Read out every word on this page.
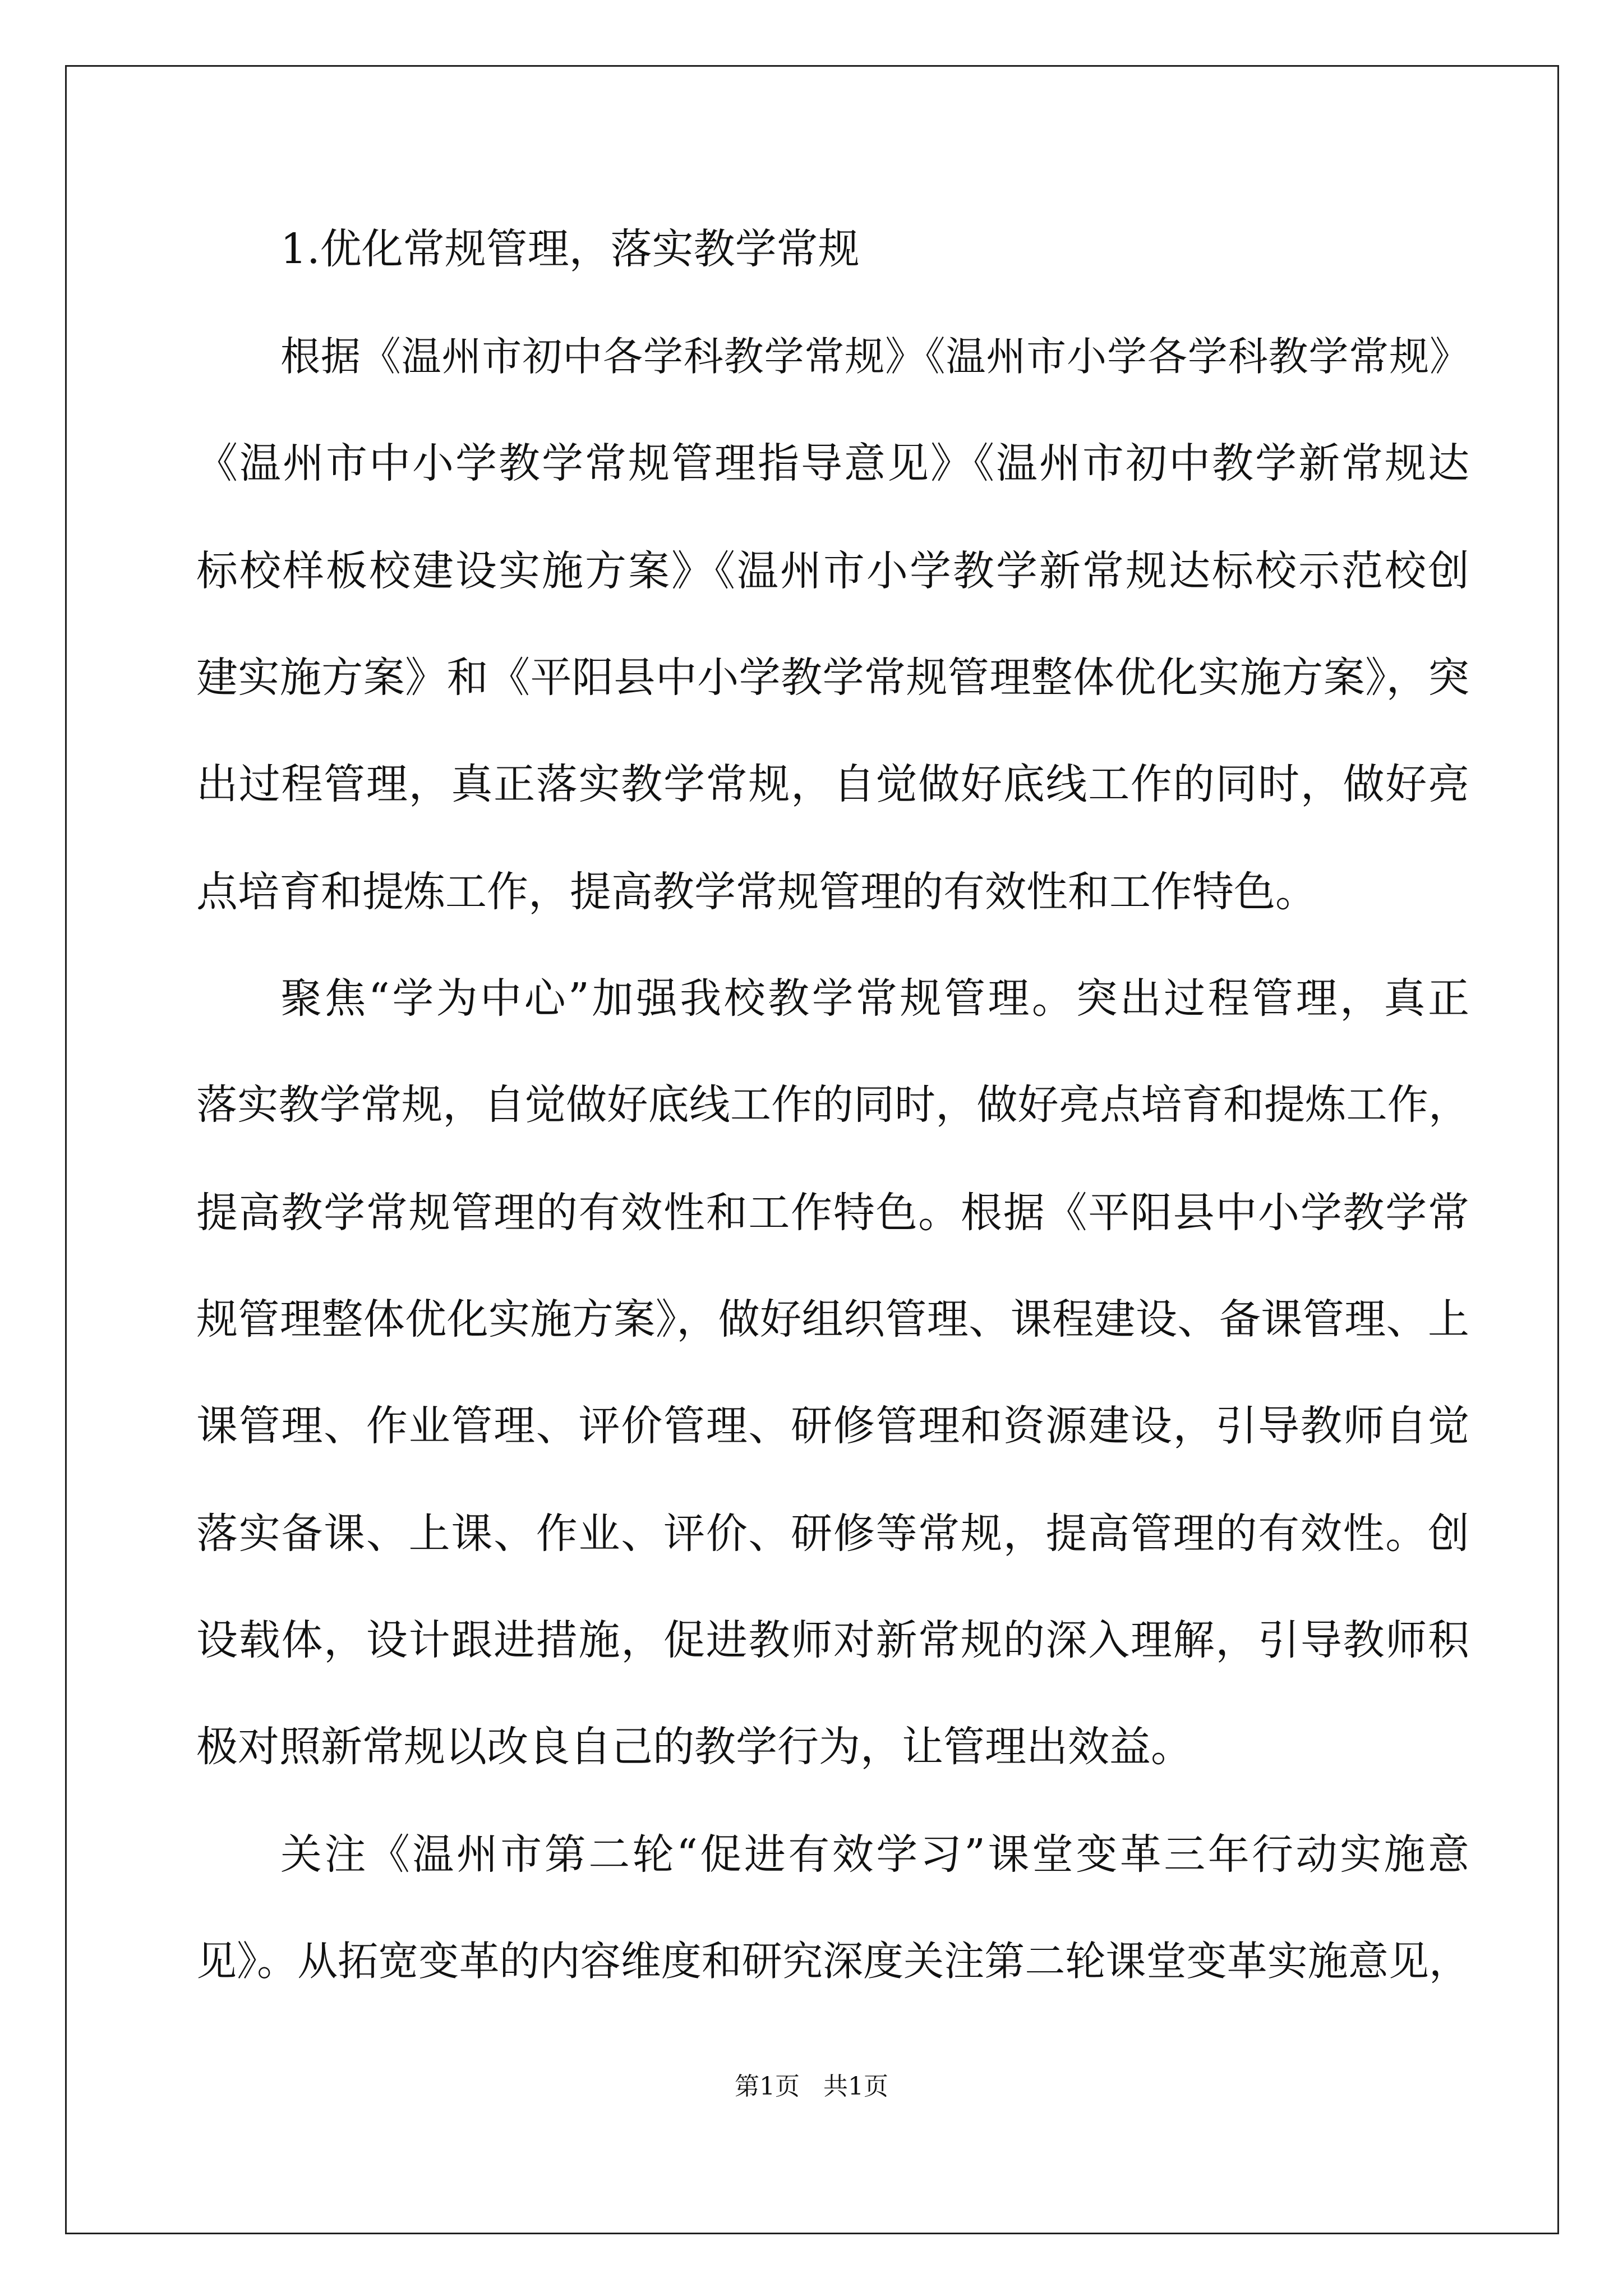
1.优化常规管理，落实教学常规
根据《温州市初中各学科教学常规》《温州市小学各学科教学常规》
《温州市中小学教学常规管理指导意见》《温州市初中教学新常规达
标校样板校建设实施方案》《温州市小学教学新常规达标校示范校创
建实施方案》和《平阳县中小学教学常规管理整体优化实施方案》，突
出过程管理，真正落实教学常规，自觉做好底线工作的同时，做好亮
点培育和提炼工作，提高教学常规管理的有效性和工作特色。
聚焦“学为中心”加强我校教学常规管理。突出过程管理，真正
落实教学常规，自觉做好底线工作的同时，做好亮点培育和提炼工作，
提高教学常规管理的有效性和工作特色。根据《平阳县中小学教学常
规管理整体优化实施方案》，做好组织管理、课程建设、备课管理、上
课管理、作业管理、评价管理、研修管理和资源建设，引导教师自觉
落实备课、上课、作业、评价、研修等常规，提高管理的有效性。创
设载体，设计跟进措施，促进教师对新常规的深入理解，引导教师积
极对照新常规以改良自己的教学行为，让管理出效益。
关注《温州市第二轮“促进有效学习”课堂变革三年行动实施意
见》。从拓宽变革的内容维度和研究深度关注第二轮课堂变革实施意见，
第1页   共1页
